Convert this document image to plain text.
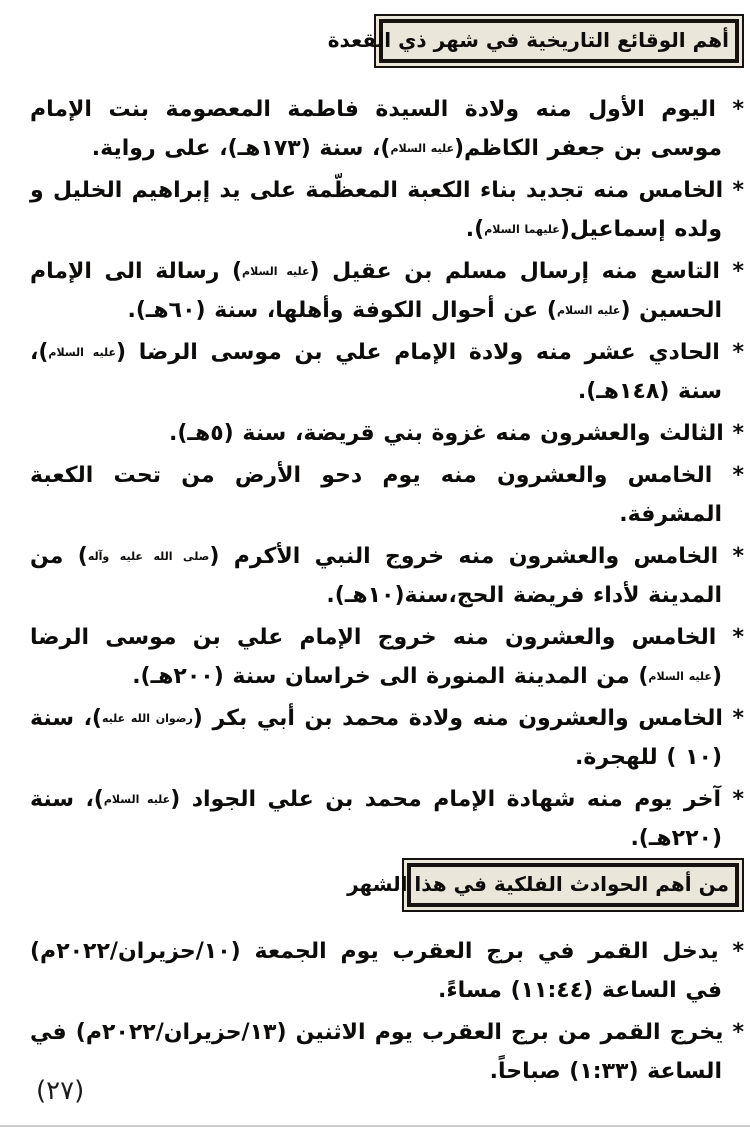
أهم الوقائع التاريخية في شهر ذي القعدة

* اليوم الأول منه ولادة السيدة فاطمة المعصومة بنت الإمام موسى بن جعفر الكاظم(عليه السلام)، سنة (١٧٣هـ)، على رواية.

* الخامس منه تجديد بناء الكعبة المعظّمة على يد إبراهيم الخليل و ولده إسماعيل(عليهما السلام).

* التاسع منه إرسال مسلم بن عقيل (عليه السلام) رسالة الى الإمام الحسين (عليه السلام) عن أحوال الكوفة وأهلها، سنة (٦٠هـ).

* الحادي عشر منه ولادة الإمام علي بن موسى الرضا (عليه السلام)، سنة (١٤٨هـ).

* الثالث والعشرون منه غزوة بني قريضة، سنة (٥هـ).

* الخامس والعشرون منه يوم دحو الأرض من تحت الكعبة المشرفة.

* الخامس والعشرون منه خروج النبي الأكرم (صلى الله عليه وآله) من المدينة لأداء فريضة الحج،سنة(١٠هـ).

* الخامس والعشرون منه خروج الإمام علي بن موسى الرضا (عليه السلام) من المدينة المنورة الى خراسان سنة (٢٠٠هـ).

* الخامس والعشرون منه ولادة محمد بن أبي بكر (رضوان الله عليه)، سنة (١٠ ) للهجرة.

* آخر يوم منه شهادة الإمام محمد بن علي الجواد (عليه السلام)، سنة (٢٢٠هـ).

من أهم الحوادث الفلكية في هذا الشهر

* يدخل القمر في برج العقرب يوم الجمعة (١٠/حزيران/٢٠٢٢م) في الساعة (١١:٤٤) مساءً.

* يخرج القمر من برج العقرب يوم الاثنين (١٣/حزيران/٢٠٢٢م) في الساعة (١:٣٣) صباحاً.

(٢٧)
